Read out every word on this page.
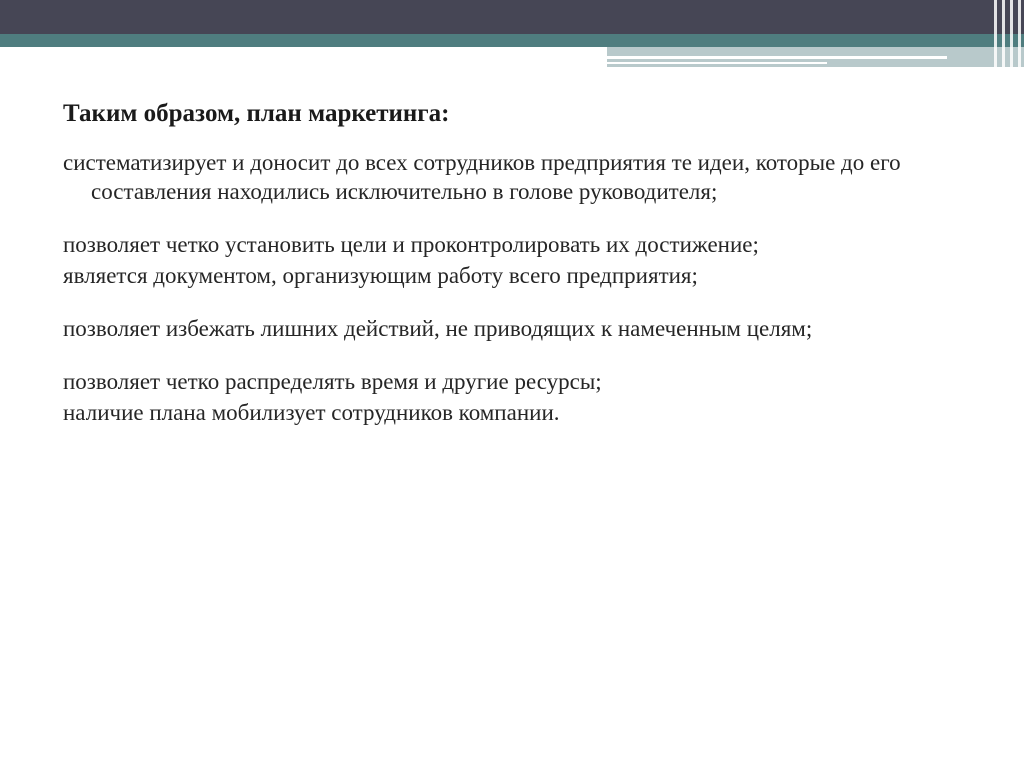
Таким образом, план маркетинга:
систематизирует и доносит до всех сотрудников предприятия те идеи, которые до его составления находились исключительно в голове руководителя;
позволяет четко установить цели и проконтролировать их достижение;
является документом, организующим работу всего предприятия;
позволяет избежать лишних действий, не приводящих к намеченным целям;
позволяет четко распределять время и другие ресурсы;
наличие плана мобилизует сотрудников компании.
